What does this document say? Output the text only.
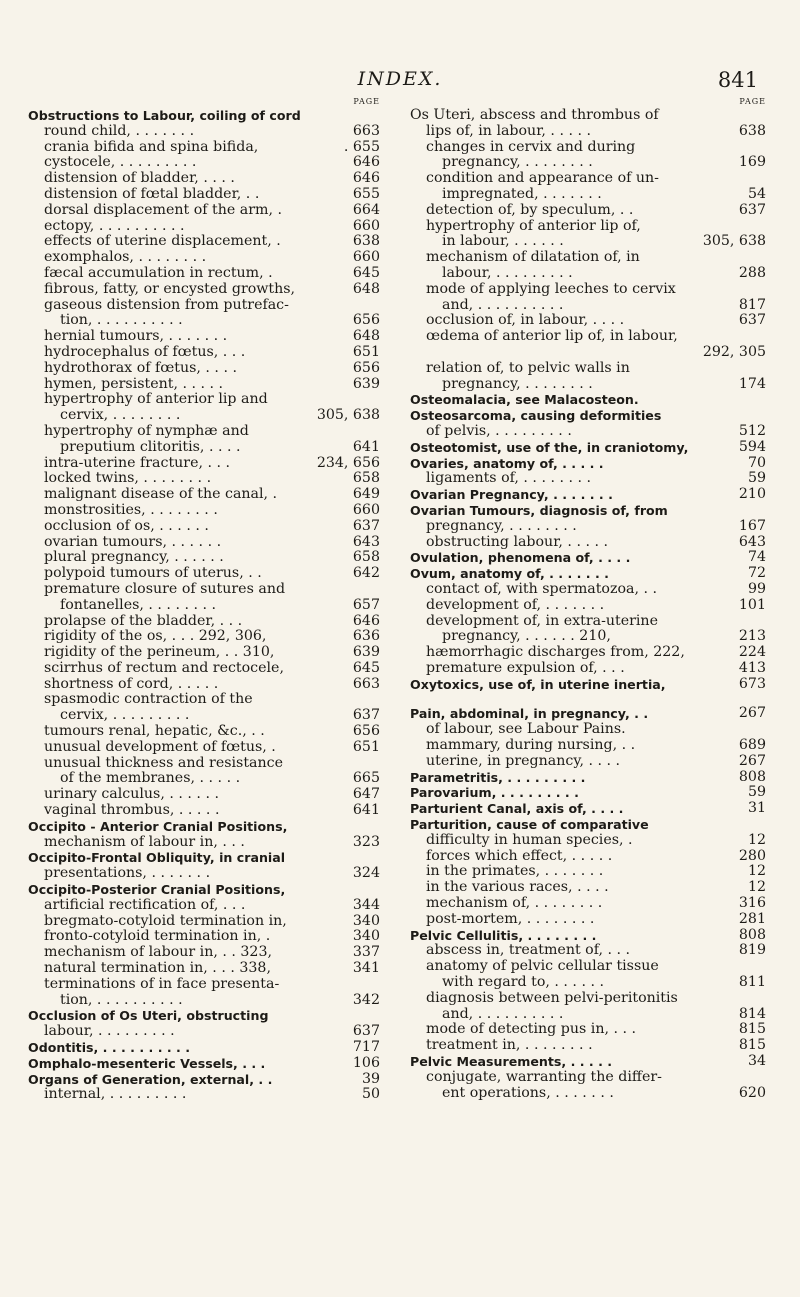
INDEX.	841
PAGE
Obstructions to Labour, coiling of cord
round child, . . . . . . .	663
crania bifida and spina bifida,	. 655
cystocele, . . . . . . . . .	646
distension of bladder, . . . .	646
distension of fœtal bladder, . .	655
dorsal displacement of the arm, .	664
ectopy, . . . . . . . . . .	660
effects of uterine displacement, .	638
exomphalos, . . . . . . . .	660
fæcal accumulation in rectum, .	645
fibrous, fatty, or encysted growths,	648
gaseous distension from putrefac-
tion, . . . . . . . . . .	656
hernial tumours, . . . . . . .	648
hydrocephalus of fœtus, . . .	651
hydrothorax of fœtus, . . . .	656
hymen, persistent, . . . . .	639
hypertrophy of anterior lip and
cervix, . . . . . . . .	305, 638
hypertrophy of nymphæ and
preputium clitoritis, . . . .	641
intra-uterine fracture, . . .	234, 656
locked twins, . . . . . . . .	658
malignant disease of the canal, .	649
monstrosities, . . . . . . . .	660
occlusion of os, . . . . . .	637
ovarian tumours, . . . . . .	643
plural pregnancy, . . . . . .	658
polypoid tumours of uterus, . .	642
premature closure of sutures and
fontanelles, . . . . . . . .	657
prolapse of the bladder, . . .	646
rigidity of the os, . . . 292, 306,	636
rigidity of the perineum, . . 310,	639
scirrhus of rectum and rectocele,	645
shortness of cord, . . . . .	663
spasmodic contraction of the
cervix, . . . . . . . . .	637
tumours renal, hepatic, &c., . .	656
unusual development of fœtus, .	651
unusual thickness and resistance
of the membranes, . . . . .	665
urinary calculus, . . . . . .	647
vaginal thrombus, . . . . .	641
Occipito - Anterior Cranial Positions,
mechanism of labour in, . . .	323
Occipito-Frontal Obliquity, in cranial
presentations, . . . . . . .	324
Occipito-Posterior Cranial Positions,
artificial rectification of, . . .	344
bregmato-cotyloid termination in,	340
fronto-cotyloid termination in, .	340
mechanism of labour in, . . 323,	337
natural termination in, . . . 338,	341
terminations of in face presenta-
tion, . . . . . . . . . .	342
Occlusion of Os Uteri, obstructing
labour, . . . . . . . . .	637
Odontitis, . . . . . . . . . .	717
Omphalo-mesenteric Vessels, . . .	106
Organs of Generation, external, . .	39
internal, . . . . . . . . .	50
PAGE
Os Uteri, abscess and thrombus of
lips of, in labour, . . . . .	638
changes in cervix and during
pregnancy, . . . . . . . .	169
condition and appearance of un-
impregnated, . . . . . . .	54
detection of, by speculum, . .	637
hypertrophy of anterior lip of,
in labour, . . . . . .	305, 638
mechanism of dilatation of, in
labour, . . . . . . . . .	288
mode of applying leeches to cervix
and, . . . . . . . . . .	817
occlusion of, in labour, . . . .	637
œdema of anterior lip of, in labour,
292, 305
relation of, to pelvic walls in
pregnancy, . . . . . . . .	174
Osteomalacia, see Malacosteon.
Osteosarcoma, causing deformities
of pelvis, . . . . . . . . .	512
Osteotomist, use of the, in craniotomy,	594
Ovaries, anatomy of, . . . . .	70
ligaments of, . . . . . . . .	59
Ovarian Pregnancy, . . . . . . .	210
Ovarian Tumours, diagnosis of, from
pregnancy, . . . . . . . .	167
obstructing labour, . . . . .	643
Ovulation, phenomena of, . . . .	74
Ovum, anatomy of, . . . . . . .	72
contact of, with spermatozoa, . .	99
development of, . . . . . . .	101
development of, in extra-uterine
pregnancy, . . . . . . 210,	213
hæmorrhagic discharges from, 222,	224
premature expulsion of, . . .	413
Oxytoxics, use of, in uterine inertia,	673
Pain, abdominal, in pregnancy, . .	267
of labour, see Labour Pains.
mammary, during nursing, . .	689
uterine, in pregnancy, . . . .	267
Parametritis, . . . . . . . . .	808
Parovarium, . . . . . . . . .	59
Parturient Canal, axis of, . . . .	31
Parturition, cause of comparative
difficulty in human species, .	12
forces which effect, . . . . .	280
in the primates, . . . . . . .	12
in the various races, . . . .	12
mechanism of, . . . . . . . .	316
post-mortem, . . . . . . . .	281
Pelvic Cellulitis, . . . . . . . .	808
abscess in, treatment of, . . .	819
anatomy of pelvic cellular tissue
with regard to, . . . . . .	811
diagnosis between pelvi-peritonitis
and, . . . . . . . . . .	814
mode of detecting pus in, . . .	815
treatment in, . . . . . . . .	815
Pelvic Measurements, . . . . .	34
conjugate, warranting the differ-
ent operations, . . . . . . .	620
